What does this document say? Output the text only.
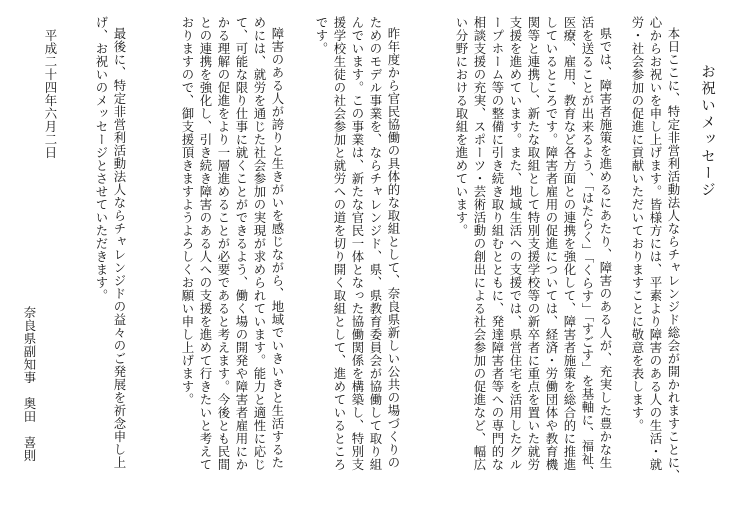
お祝いメッセージ
本日ここに、特定非営利活動法人ならチャレンジド総会が開かれますことに、
心からお祝いを申し上げます。皆様方には、平素より障害のある人の生活・就
労・社会参加の促進に貢献いただいておりますことに敬意を表します。
県では、障害者施策を進めるにあたり、障害のある人が、充実した豊かな生
活を送ることが出来るよう、「はたらく」「くらす」「すごす」を基軸に、福祉、
医療、雇用、教育など各方面との連携を強化して、障害者施策を総合的に推進
しているところです。障害者雇用の促進については、経済・労働団体や教育機
関等と連携し、新たな取組として特別支援学校等の新卒者に重点を置いた就労
支援を進めています。また、地域生活への支援では、県営住宅を活用したグル
ープホーム等の整備に引き続き取り組むとともに、発達障害者等への専門的な
相談支援の充実、スポーツ・芸術活動の創出による社会参加の促進など、幅広
い分野における取組を進めています。
昨年度から官民協働の具体的な取組として、奈良県新しい公共の場づくりの
ためのモデル事業を、ならチャレンジド、県、県教育委員会が協働して取り組
んでいます。この事業は、新たな官民一体となった協働関係を構築し、特別支
援学校生徒の社会参加と就労への道を切り開く取組として、進めているところ
です。
障害のある人が誇りと生きがいを感じながら、地域でいきいきと生活するた
めには、就労を通じた社会参加の実現が求められています。能力と適性に応じ
て、可能な限り仕事に就くことができるよう、働く場の開発や障害者雇用にか
かる理解の促進をより一層進めることが必要であると考えます。今後とも民間
との連携を強化し、引き続き障害のある人への支援を進めて行きたいと考えて
おりますので、御支援頂きますようよろしくお願い申し上げます。
最後に、特定非営利活動法人ならチャレンジドの益々のご発展を祈念申し上
げ、お祝いのメッセージとさせていただきます。
平成二十四年六月二日
奈良県副知事　奥田　喜則
